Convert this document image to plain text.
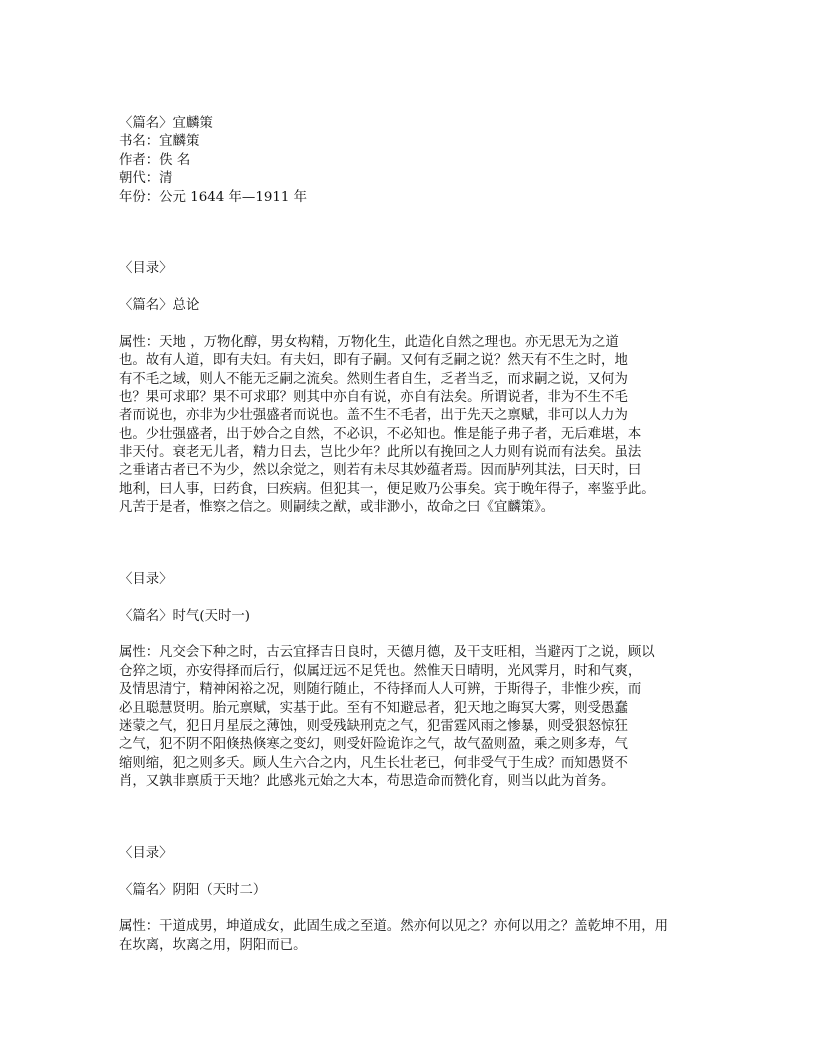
〈篇名〉宜麟策
书名：宜麟策
作者：佚 名
朝代：清
年份：公元 1644 年—1911 年
〈目录〉
〈篇名〉总论
属性：天地 ，万物化醇，男女构精，万物化生，此造化自然之理也。亦无思无为之道
也。故有人道，即有夫妇。有夫妇，即有子嗣。又何有乏嗣之说？然天有不生之时，地
有不毛之域，则人不能无乏嗣之流矣。然则生者自生，乏者当乏，而求嗣之说，又何为
也？果可求耶？果不可求耶？则其中亦自有说，亦自有法矣。所谓说者，非为不生不毛
者而说也，亦非为少壮强盛者而说也。盖不生不毛者，出于先天之禀赋，非可以人力为
也。少壮强盛者，出于妙合之自然，不必识，不必知也。惟是能子弗子者，无后难堪，本
非天付。衰老无儿者，精力日去，岂比少年？此所以有挽回之人力则有说而有法矣。虽法
之垂诸古者已不为少，然以余觉之，则若有未尽其妙蕴者焉。因而胪列其法，曰天时，曰
地利，曰人事，曰药食，曰疾病。但犯其一，便足败乃公事矣。宾于晚年得子，率鉴乎此。
凡苦于是者，惟察之信之。则嗣续之猷，或非渺小，故命之曰《宜麟策》。
〈目录〉
〈篇名〉时气(天时一)
属性：凡交会下种之时，古云宜择吉日良时，天德月德，及干支旺相，当避丙丁之说，顾以
仓猝之顷，亦安得择而后行，似属迂远不足凭也。然惟天日晴明，光风霁月，时和气爽，
及情思清宁，精神闲裕之况，则随行随止，不待择而人人可辨，于斯得子，非惟少疾，而
必且聪慧贤明。胎元禀赋，实基于此。至有不知避忌者，犯天地之晦冥大雾，则受愚蠢
迷蒙之气，犯日月星辰之薄蚀，则受残缺刑克之气，犯雷霆风雨之惨暴，则受狠怒惊狂
之气，犯不阴不阳倏热倏寒之变幻，则受奸险诡诈之气，故气盈则盈，乘之则多寿，气
缩则缩，犯之则多夭。顾人生六合之内，凡生长壮老已，何非受气于生成？而知愚贤不
肖，又孰非禀质于天地？此感兆元始之大本，苟思造命而赞化育，则当以此为首务。
〈目录〉
〈篇名〉阴阳（天时二）
属性：干道成男，坤道成女，此固生成之至道。然亦何以见之？亦何以用之？盖乾坤不用，用
在坎离，坎离之用，阴阳而已。
